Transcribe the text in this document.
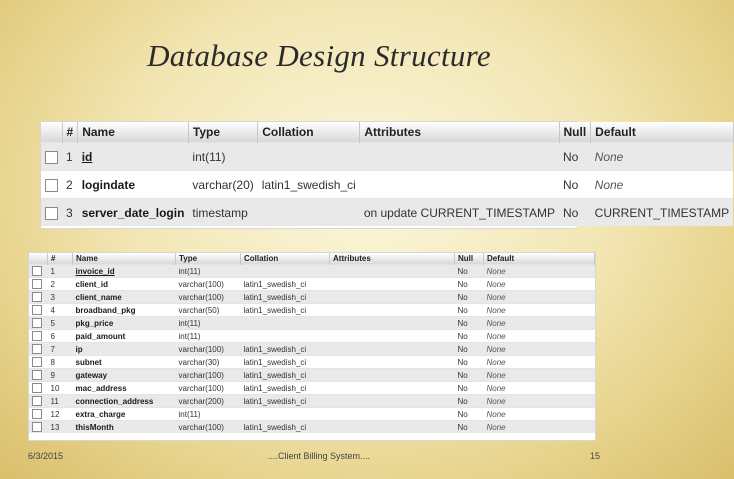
Database Design Structure
	#	Name	Type	Collation	Attributes	Null	Default
	1	id	int(11)			No	None
	2	logindate	varchar(20)	latin1_swedish_ci		No	None
	3	server_date_login	timestamp		on update CURRENT_TIMESTAMP	No	CURRENT_TIMESTAMP
	#	Name	Type	Collation	Attributes	Null	Default
	1	invoice_id	int(11)			No	None
	2	client_id	varchar(100)	latin1_swedish_ci		No	None
	3	client_name	varchar(100)	latin1_swedish_ci		No	None
	4	broadband_pkg	varchar(50)	latin1_swedish_ci		No	None
	5	pkg_price	int(11)			No	None
	6	paid_amount	int(11)			No	None
	7	ip	varchar(100)	latin1_swedish_ci		No	None
	8	subnet	varchar(30)	latin1_swedish_ci		No	None
	9	gateway	varchar(100)	latin1_swedish_ci		No	None
	10	mac_address	varchar(100)	latin1_swedish_ci		No	None
	11	connection_address	varchar(200)	latin1_swedish_ci		No	None
	12	extra_charge	int(11)			No	None
	13	thisMonth	varchar(100)	latin1_swedish_ci		No	None
6/3/2015	....Client Billing System....	15
